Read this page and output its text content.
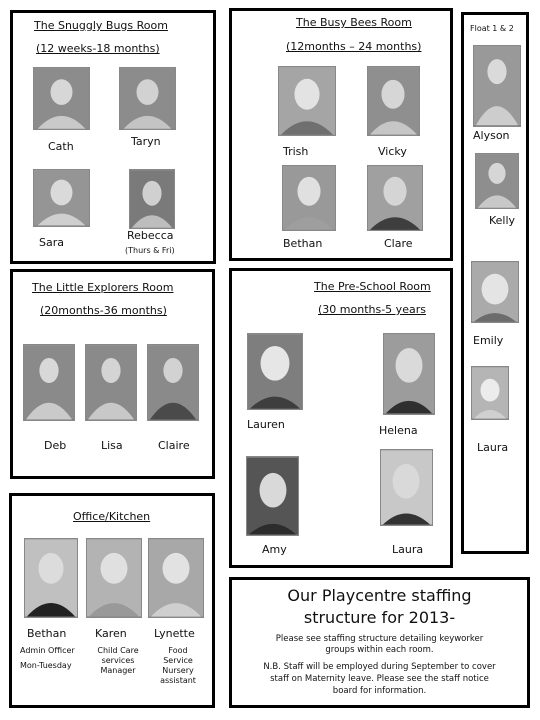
The Snuggly Bugs Room
(12 weeks-18 months)
Cath	Taryn
Sara
Rebecca
(Thurs & Fri)
The Busy Bees Room
(12months – 24 months)
Trish	Vicky
Bethan	Clare
Float 1 & 2
Alyson
Kelly
Emily
Laura
The Little Explorers Room
(20months-36 months)
Deb	Lisa	Claire
The Pre-School Room
(30 months-5 years
Lauren	Helena
Amy	Laura
Office/Kitchen
Bethan	Karen Lynette
Admin Officer
Mon-Tuesday
Child Care
services
Manager
Food
Service
Nursery
assistant
Our Playcentre staffing
structure for 2013-
Please see staffing structure detailing keyworker
groups within each room.
N.B. Staff will be employed during September to cover
staff on Maternity leave. Please see the staff notice
board for information.
